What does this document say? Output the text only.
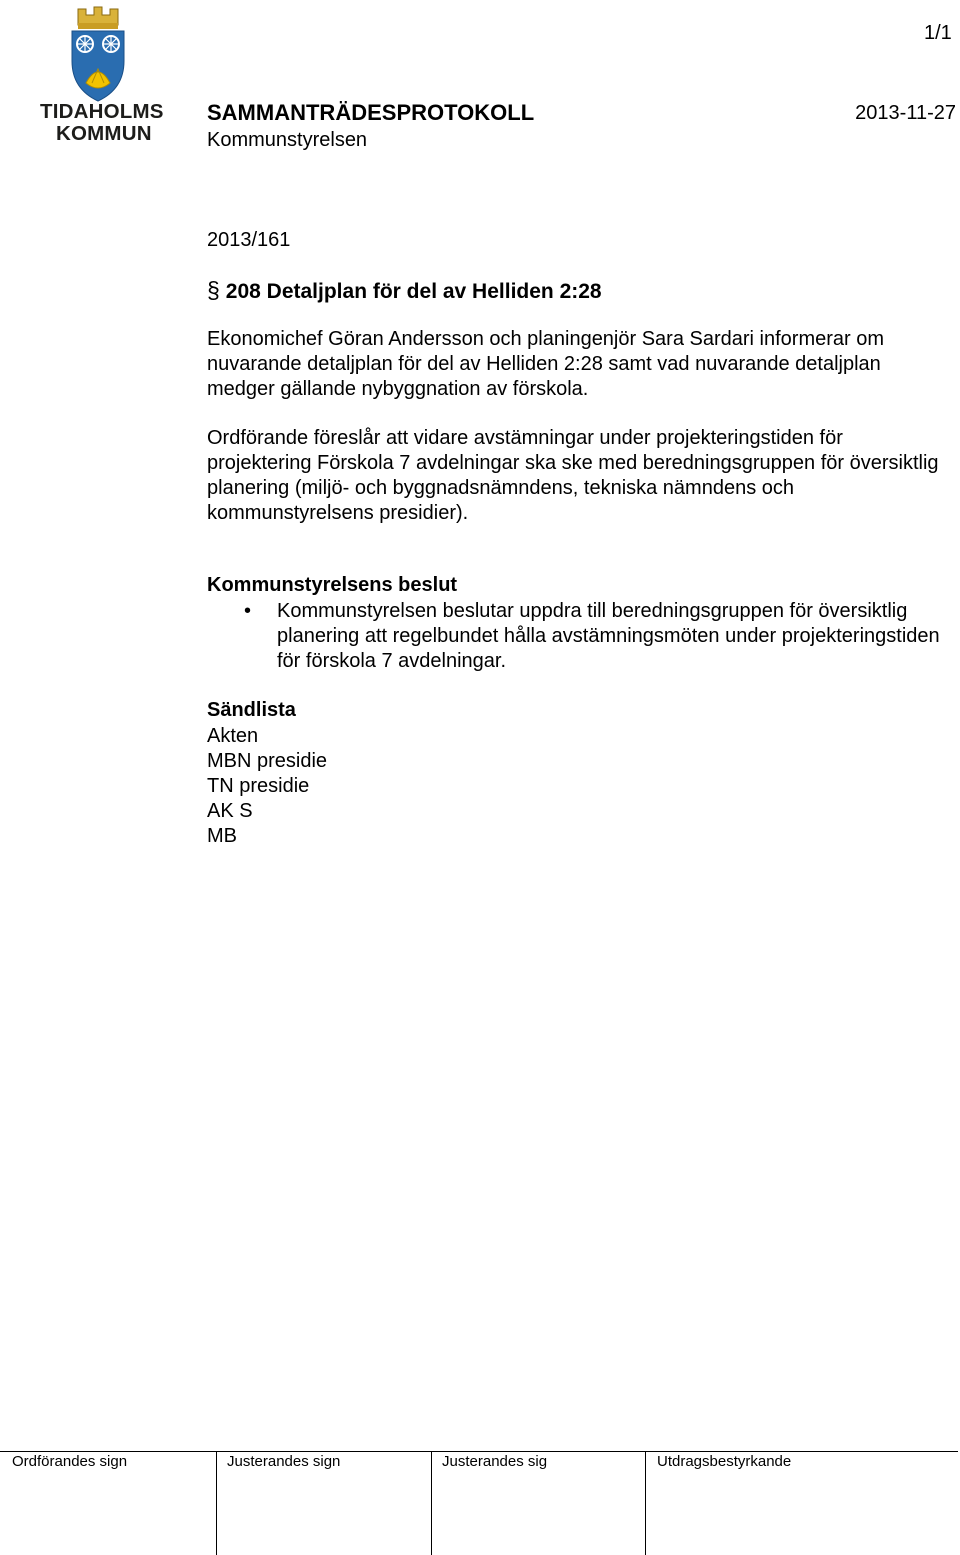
TIDAHOLMS
KOMMUN
1/1
SAMMANTRÄDESPROTOKOLL	2013-11-27
Kommunstyrelsen
2013/161
§ 208 Detaljplan för del av Helliden 2:28
Ekonomichef Göran Andersson och planingenjör Sara Sardari informerar om nuvarande detaljplan för del av Helliden 2:28 samt vad nuvarande detaljplan medger gällande nybyggnation av förskola.
Ordförande föreslår att vidare avstämningar under projekteringstiden för projektering Förskola 7 avdelningar ska ske med beredningsgruppen för översiktlig planering (miljö- och byggnadsnämndens, tekniska nämndens och kommunstyrelsens presidier).
Kommunstyrelsens beslut
• Kommunstyrelsen beslutar uppdra till beredningsgruppen för översiktlig planering att regelbundet hålla avstämningsmöten under projekteringstiden för förskola 7 avdelningar.
Sändlista
Akten
MBN presidie
TN presidie
AK S
MB
Ordförandes sign	Justerandes sign	Justerandes sig	Utdragsbestyrkande
